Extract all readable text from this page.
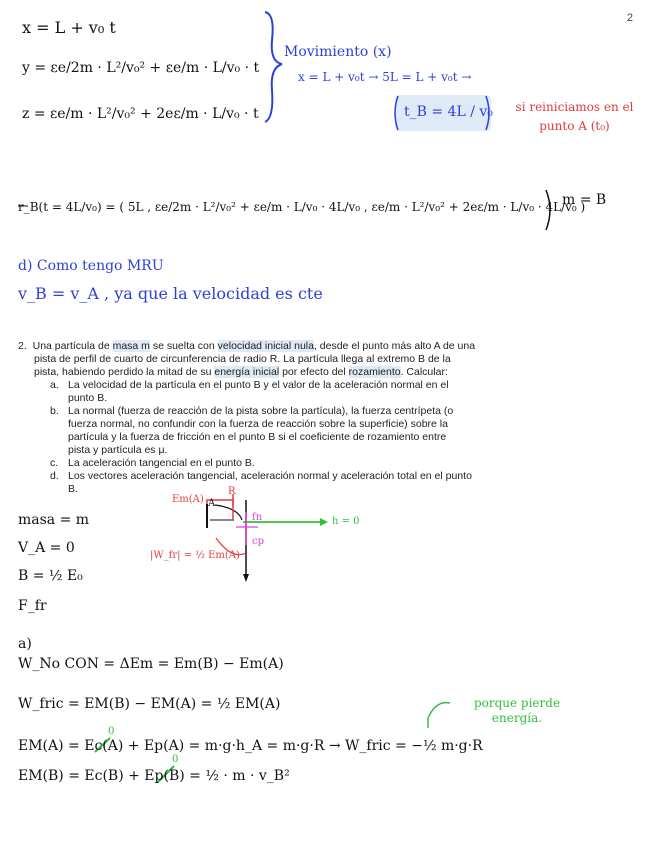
2
x = L + v₀ t
y = εe/2m · L²/v₀² + εe/m · L/v₀ · t
z = εe/m · L²/v₀² + 2eε/m · L/v₀ · t
Movimiento (x)
x = L + v₀t → 5L = L + v₀t →
t_B = 4L / v₀	si reiniciamos en el punto A (t₀)
r_B(t = 4L/v₀) = ( 5L , εe/2m · L²/v₀² + εe/m · L/v₀ · 4L/v₀ , εe/m · L²/v₀² + 2eε/m · L/v₀ · 4L/v₀ )
m = B
d) Como tengo MRU
v_B = v_A , ya que la velocidad es cte
2. Una partícula de masa m se suelta con velocidad inicial nula, desde el punto más alto A de una
pista de perfil de cuarto de circunferencia de radio R. La partícula llega al extremo B de la
pista, habiendo perdido la mitad de su energía inicial por efecto del rozamiento. Calcular:
a. La velocidad de la partícula en el punto B y el valor de la aceleración normal en el
punto B.
b. La normal (fuerza de reacción de la pista sobre la partícula), la fuerza centrípeta (o
fuerza normal, no confundir con la fuerza de reacción sobre la superficie) sobre la
partícula y la fuerza de fricción en el punto B si el coeficiente de rozamiento entre
pista y partícula es μ.
c. La aceleración tangencial en el punto B.
d. Los vectores aceleración tangencial, aceleración normal y aceleración total en el punto
B.
masa = m
V_A = 0
B = ½ E₀
F_fr
Em(A) A
R
h = 0
|W_fr| = ½ Em(A)
cp
fn
a)
W_No CON = ΔEm = Em(B) − Em(A)
W_fric = EM(B) − EM(A) = ½ EM(A)	porque pierde energía.
EM(A) = Ec(A) + Ep(A) = m·g·h_A = m·g·R → W_fric = −½ m·g·R
EM(B) = Ec(B) + Ep(B) = ½ · m · v_B²
0
0
